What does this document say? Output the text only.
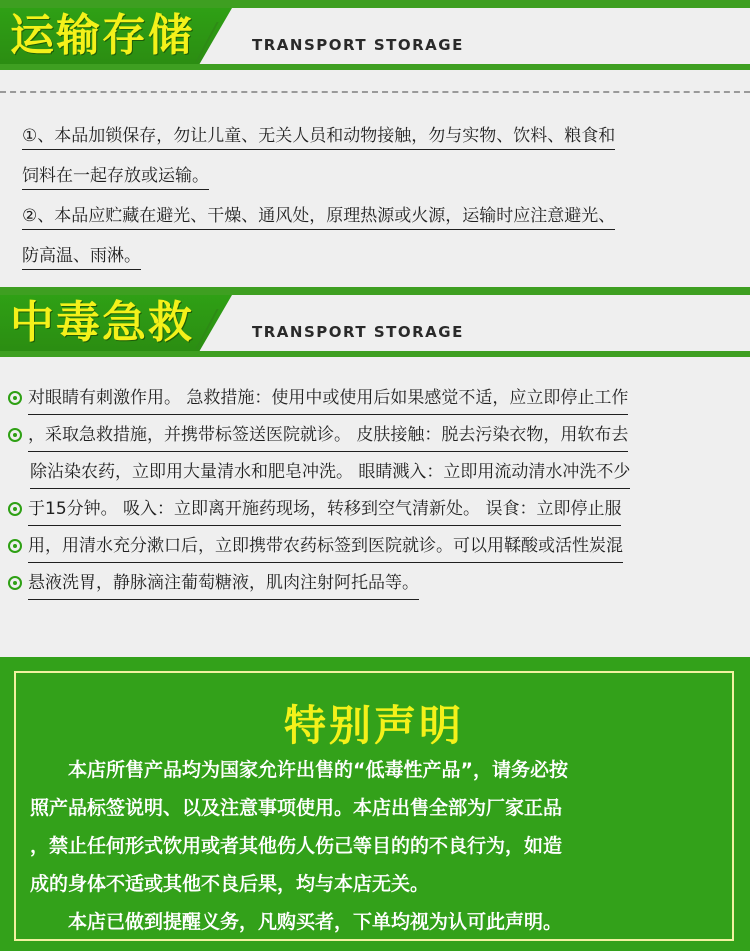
运输存储	TRANSPORT STORAGE
①、本品加锁保存，勿让儿童、无关人员和动物接触，勿与实物、饮料、粮食和
饲料在一起存放或运输。
②、本品应贮藏在避光、干燥、通风处，原理热源或火源，运输时应注意避光、
防高温、雨淋。
中毒急救	TRANSPORT STORAGE
对眼睛有刺激作用。 急救措施：使用中或使用后如果感觉不适，应立即停止工作
，采取急救措施，并携带标签送医院就诊。 皮肤接触：脱去污染衣物，用软布去
除沾染农药，立即用大量清水和肥皂冲洗。 眼睛溅入：立即用流动清水冲洗不少
于15分钟。 吸入：立即离开施药现场，转移到空气清新处。 误食：立即停止服
用，用清水充分漱口后，立即携带农药标签到医院就诊。可以用鞣酸或活性炭混
悬液洗胃，静脉滴注葡萄糖液，肌肉注射阿托品等。
特别声明
　　本店所售产品均为国家允许出售的“低毒性产品”，请务必按
照产品标签说明、以及注意事项使用。本店出售全部为厂家正品
，禁止任何形式饮用或者其他伤人伤己等目的的不良行为，如造
成的身体不适或其他不良后果，均与本店无关。
　　本店已做到提醒义务，凡购买者，下单均视为认可此声明。
